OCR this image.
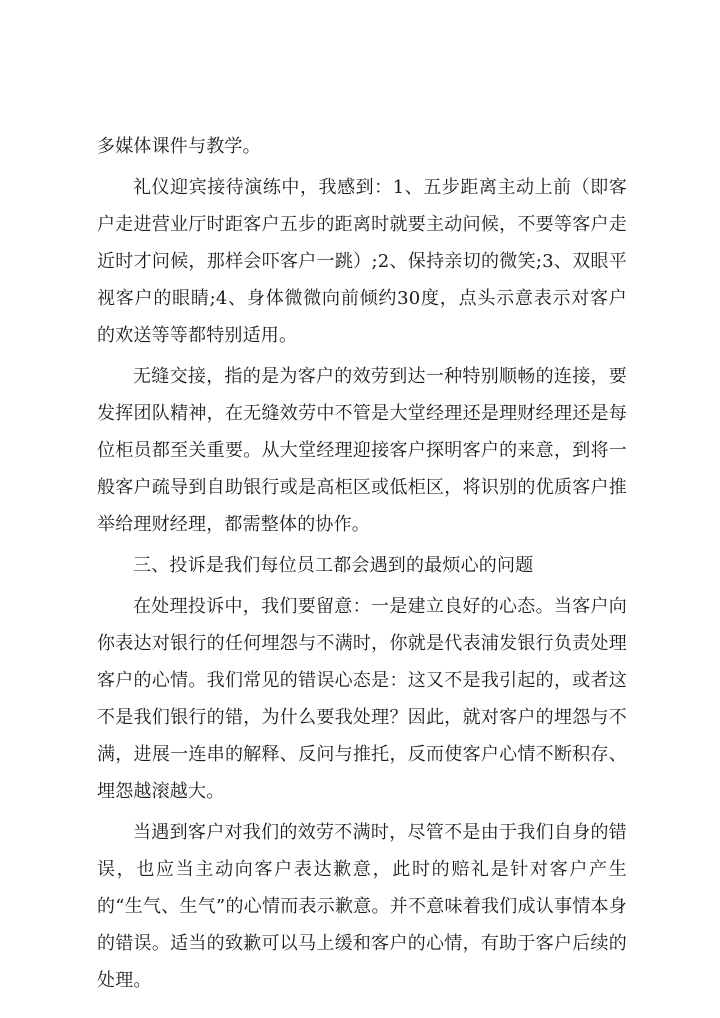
多媒体课件与教学。

礼仪迎宾接待演练中，我感到：1、五步距离主动上前（即客户走进营业厅时距客户五步的距离时就要主动问候，不要等客户走近时才问候，那样会吓客户一跳）;2、保持亲切的微笑;3、双眼平视客户的眼睛;4、身体微微向前倾约30度，点头示意表示对客户的欢送等等都特别适用。

无缝交接，指的是为客户的效劳到达一种特别顺畅的连接，要发挥团队精神，在无缝效劳中不管是大堂经理还是理财经理还是每位柜员都至关重要。从大堂经理迎接客户探明客户的来意，到将一般客户疏导到自助银行或是高柜区或低柜区，将识别的优质客户推举给理财经理，都需整体的协作。

三、投诉是我们每位员工都会遇到的最烦心的问题

在处理投诉中，我们要留意：一是建立良好的心态。当客户向你表达对银行的任何埋怨与不满时，你就是代表浦发银行负责处理客户的心情。我们常见的错误心态是：这又不是我引起的，或者这不是我们银行的错，为什么要我处理？因此，就对客户的埋怨与不满，进展一连串的解释、反问与推托，反而使客户心情不断积存、埋怨越滚越大。

当遇到客户对我们的效劳不满时，尽管不是由于我们自身的错误，也应当主动向客户表达歉意，此时的赔礼是针对客户产生的“生气、生气”的心情而表示歉意。并不意味着我们成认事情本身的错误。适当的致歉可以马上缓和客户的心情，有助于客户后续的处理。
